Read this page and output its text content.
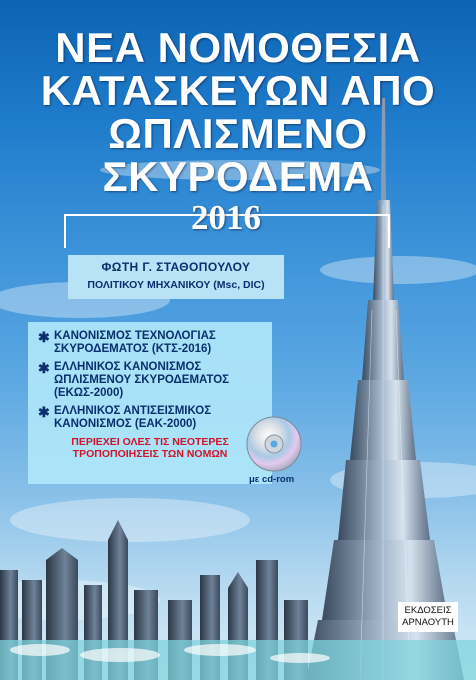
ΝΕΑ ΝΟΜΟΘΕΣΙΑ
ΚΑΤΑΣΚΕΥΩΝ ΑΠΟ
ΩΠΛΙΣΜΕΝΟ
ΣΚΥΡΟΔΕΜΑ
2016
ΦΩΤΗ Γ. ΣΤΑΘΟΠΟΥΛΟΥ
ΠΟΛΙΤΙΚΟΥ ΜΗΧΑΝΙΚΟΥ (Msc, DIC)
✱ ΚΑΝΟΝΙΣΜΟΣ ΤΕΧΝΟΛΟΓΙΑΣ
ΣΚΥΡΟΔΕΜΑΤΟΣ (ΚΤΣ-2016)
✱ ΕΛΛΗΝΙΚΟΣ ΚΑΝΟΝΙΣΜΟΣ
ΩΠΛΙΣΜΕΝΟΥ ΣΚΥΡΟΔΕΜΑΤΟΣ
(ΕΚΩΣ-2000)
✱ ΕΛΛΗΝΙΚΟΣ ΑΝΤΙΣΕΙΣΜΙΚΟΣ
ΚΑΝΟΝΙΣΜΟΣ (ΕΑΚ-2000)
ΠΕΡΙΕΧΕΙ ΟΛΕΣ ΤΙΣ ΝΕΟΤΕΡΕΣ
ΤΡΟΠΟΠΟΙΗΣΕΙΣ ΤΩΝ ΝΟΜΩΝ
με cd-rom
ΕΚΔΟΣΕΙΣ
ΑΡΝΑΟΥΤΗ
